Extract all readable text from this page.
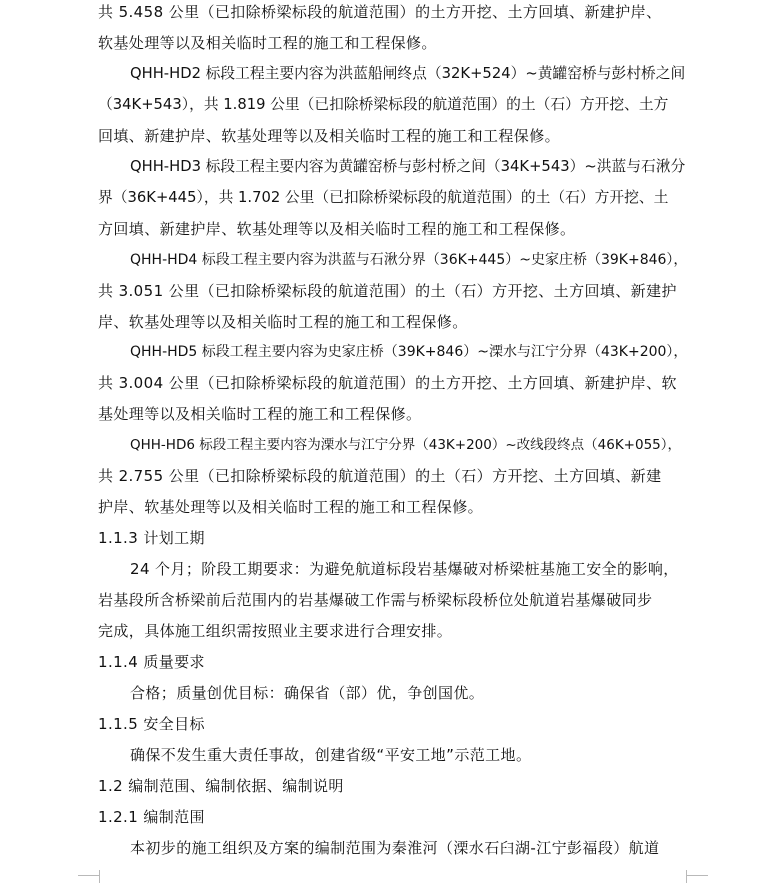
共 5.458 公里（已扣除桥梁标段的航道范围）的土方开挖、土方回填、新建护岸、
软基处理等以及相关临时工程的施工和工程保修。
QHH-HD2 标段工程主要内容为洪蓝船闸终点（32K+524）~黄罐窑桥与彭村桥之间
（34K+543），共 1.819 公里（已扣除桥梁标段的航道范围）的土（石）方开挖、土方
回填、新建护岸、软基处理等以及相关临时工程的施工和工程保修。
QHH-HD3 标段工程主要内容为黄罐窑桥与彭村桥之间（34K+543）~洪蓝与石湫分
界（36K+445），共 1.702 公里（已扣除桥梁标段的航道范围）的土（石）方开挖、土
方回填、新建护岸、软基处理等以及相关临时工程的施工和工程保修。
QHH-HD4 标段工程主要内容为洪蓝与石湫分界（36K+445）~史家庄桥（39K+846），
共 3.051 公里（已扣除桥梁标段的航道范围）的土（石）方开挖、土方回填、新建护
岸、软基处理等以及相关临时工程的施工和工程保修。
QHH-HD5 标段工程主要内容为史家庄桥（39K+846）~溧水与江宁分界（43K+200），
共 3.004 公里（已扣除桥梁标段的航道范围）的土方开挖、土方回填、新建护岸、软
基处理等以及相关临时工程的施工和工程保修。
QHH-HD6 标段工程主要内容为溧水与江宁分界（43K+200）~改线段终点（46K+055），
共 2.755 公里（已扣除桥梁标段的航道范围）的土（石）方开挖、土方回填、新建
护岸、软基处理等以及相关临时工程的施工和工程保修。
1.1.3 计划工期
24 个月；阶段工期要求：为避免航道标段岩基爆破对桥梁桩基施工安全的影响，
岩基段所含桥梁前后范围内的岩基爆破工作需与桥梁标段桥位处航道岩基爆破同步
完成，具体施工组织需按照业主要求进行合理安排。
1.1.4 质量要求
合格；质量创优目标：确保省（部）优，争创国优。
1.1.5 安全目标
确保不发生重大责任事故，创建省级“平安工地”示范工地。
1.2 编制范围、编制依据、编制说明
1.2.1 编制范围
本初步的施工组织及方案的编制范围为秦淮河（溧水石臼湖-江宁彭福段）航道
